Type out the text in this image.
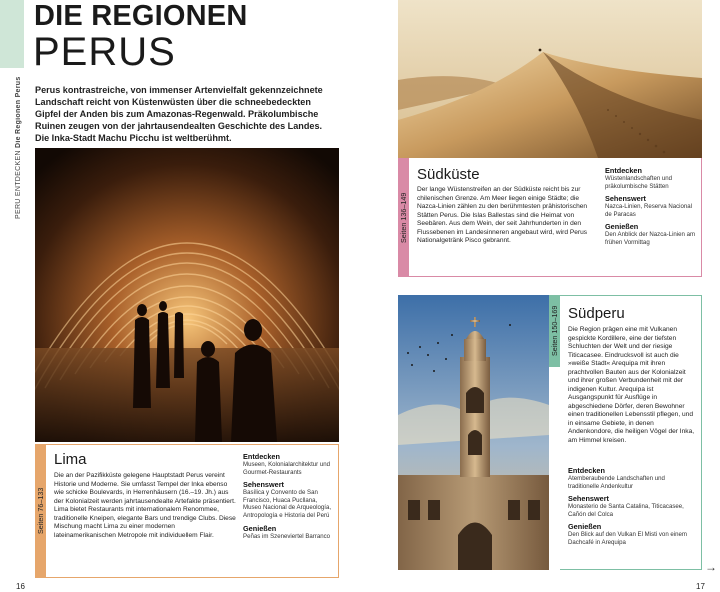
DIE REGIONEN
PERUS
PERU ENTDECKEN

Die Regionen Perus Perus kontrastreiche, von immenser Artenvielfalt gekennzeichnete Landschaft reicht von Küstenwüsten über die schneebedeckten Gipfel der Anden bis zum Amazonas-Regenwald. Präkolumbische Ruinen zeugen von der jahrtausendealten Geschichte des Landes. Die Inka-Stadt Machu Picchu ist weltberühmt.
Seiten 76–133
Lima
Die an der Pazifikküste gelegene Hauptstadt Perus vereint Historie und Moderne. Sie umfasst Tempel der Inka ebenso wie schicke Boulevards, in Herrenhäusern (16.–19. Jh.) aus der Kolonialzeit werden jahrtausendealte Artefakte präsentiert. Lima bietet Restaurants mit internationalem Renommee, traditionelle Kneipen, elegante Bars und trendige Clubs. Diese Mischung macht Lima zu einer modernen lateinamerikanischen Metropole mit individuellem Flair.
Entdecken
Museen, Kolonialarchitektur und Gourmet-Restaurants
Sehenswert
Basílica y Convento de San Francisco, Huaca Pucllana, Museo Nacional de Arqueología, Antropología e Historia del Perú
Genießen
Peñas im Szeneviertel Barranco
16
Seiten 136–149
Südküste
Der lange Wüstenstreifen an der Südküste reicht bis zur chilenischen Grenze. Am Meer liegen einige Städte; die Nazca-Linien zählen zu den berühmtesten prähistorischen Stätten Perus. Die Islas Ballestas sind die Heimat von Seebären. Aus dem Wein, der seit Jahrhunderten in den Flussebenen im Landesinneren angebaut wird, wird Perus Nationalgetränk Pisco gebrannt.
Entdecken
Wüstenlandschaften und präkolumbische Stätten
Sehenswert
Nazca-Linien, Reserva Nacional de Paracas
Genießen
Den Anblick der Nazca-Linien am frühen Vormittag
Seiten 150–169 Südperu
Die Region prägen eine mit Vulkanen gespickte Kordillere, eine der tiefsten Schluchten der Welt und der riesige Titicacasee. Eindrucksvoll ist auch die »weiße Stadt« Arequipa mit ihren prachtvollen Bauten aus der Kolonialzeit und ihrer großen Verbundenheit mit der indigenen Kultur. Arequipa ist Ausgangspunkt für Ausflüge in abgeschiedene Dörfer, deren Bewohner einen traditionellen Lebensstil pflegen, und in einsame Gebiete, in denen Andenkondore, die heiligen Vögel der Inka, am Himmel kreisen.
Entdecken
Atemberaubende Landschaften und traditionelle Andenkultur
Sehenswert
Monasterio de Santa Catalina, Titicacasee, Cañón del Colca
Genießen
Den Blick auf den Vulkan El Misti von einem Dachcafé in Arequipa
→
17
